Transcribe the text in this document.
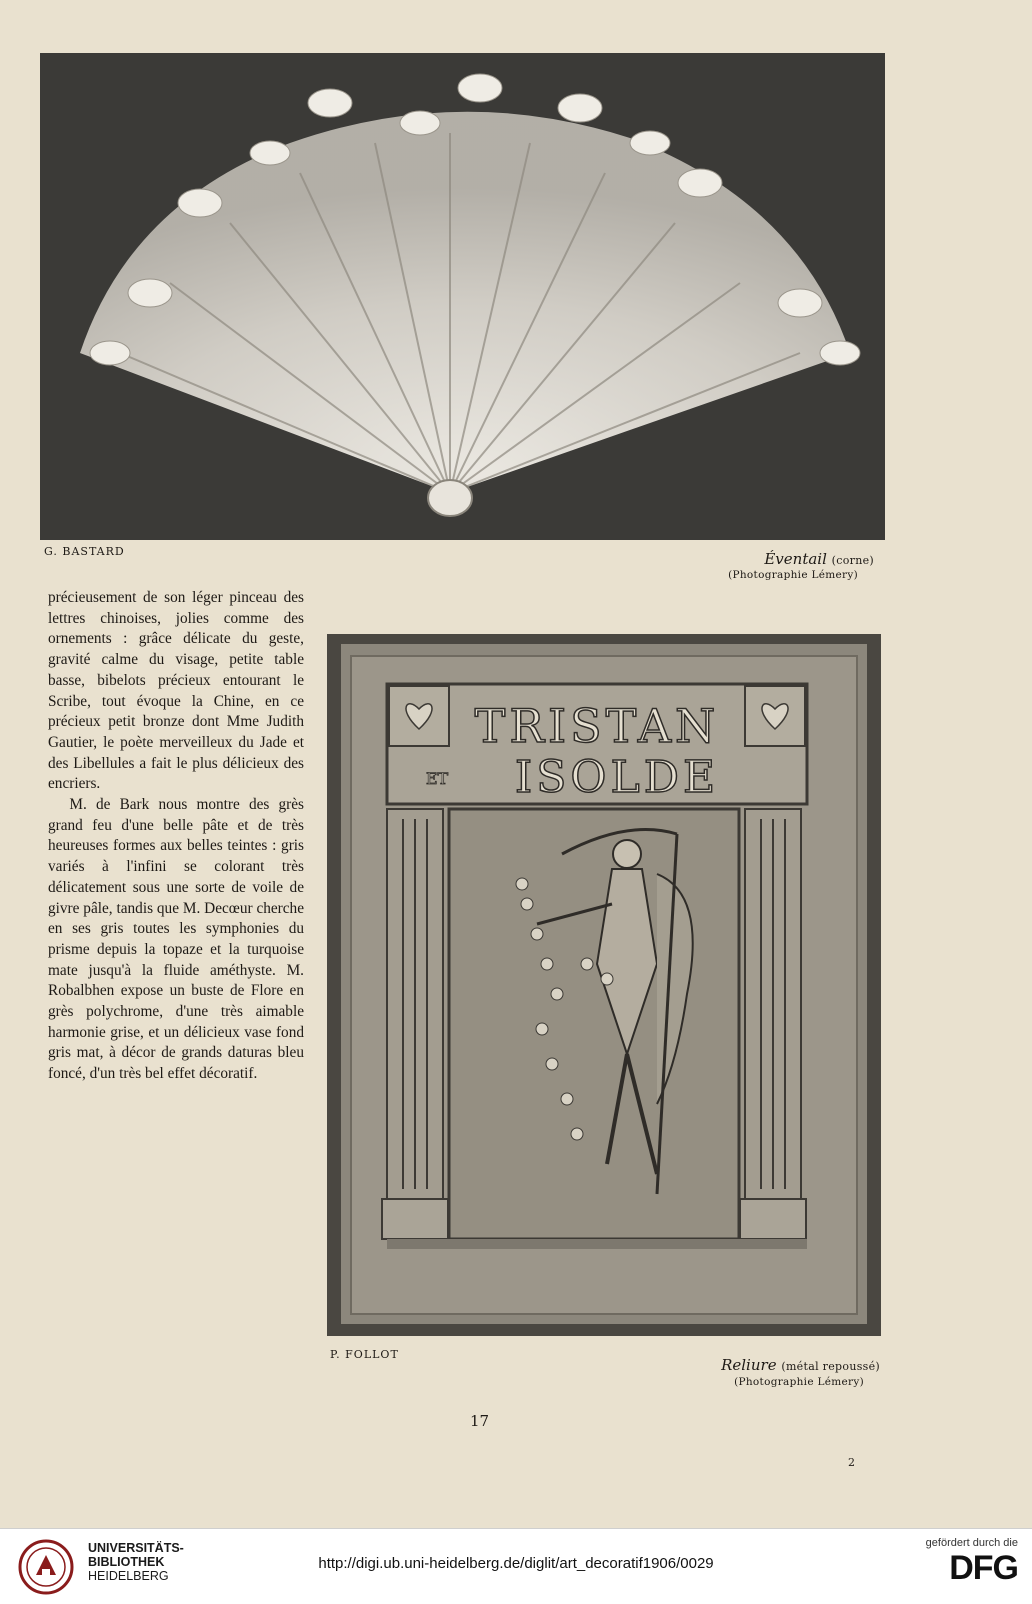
G. BASTARD	Éventail (corne)
(Photographie Lémery)

précieusement de son léger pinceau des lettres chinoises, jolies comme des ornements : grâce délicate du geste, gravité calme du visage, petite table basse, bibelots précieux entourant le Scribe, tout évoque la Chine, en ce précieux petit bronze dont Mme Judith Gautier, le poète merveilleux du Jade et des Libellules a fait le plus délicieux des encriers.

M. de Bark nous montre des grès grand feu d'une belle pâte et de très heureuses formes aux belles teintes : gris variés à l'infini se colorant très délicatement sous une sorte de voile de givre pâle, tandis que M. Decœur cherche en ses gris toutes les symphonies du prisme depuis la topaze et la turquoise mate jusqu'à la fluide améthyste. M. Robalbhen expose un buste de Flore en grès polychrome, d'une très aimable harmonie grise, et un délicieux vase fond gris mat, à décor de grands daturas bleu foncé, d'un très bel effet décoratif.

TRISTAN
ET ISOLDE
P. FOLLOT
Reliure (métal repoussé)
(Photographie Lémery)
17
2
UNIVERSITÄTS-
BIBLIOTHEK
HEIDELBERG
http://digi.ub.uni-heidelberg.de/diglit/art_decoratif1906/0029
gefördert durch die
DFG
